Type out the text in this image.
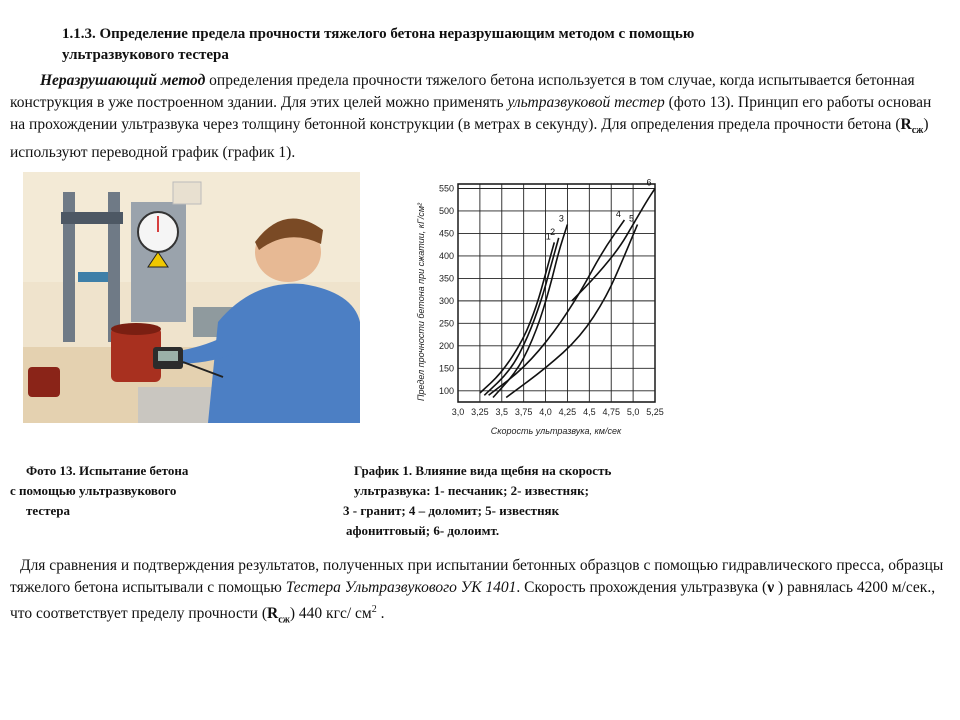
1.1.3. Определение предела прочности тяжелого бетона неразрушающим методом с помощью
ультразвукового тестера
Неразрушающий метод определения предела прочности тяжелого бетона используется в том случае, когда испытывается бетонная конструкция в уже построенном здании. Для этих целей можно применять ультразвуковой тестер (фото 13). Принцип его работы основан на прохождении ультразвука через толщину бетонной конструкции (в метрах в секунду). Для определения предела прочности бетона $(R_{сж})$ используют переводной график (график 1).
3,0 3,25 3,5 3,75 4,0 4,25 4,5 4,75 5,0 5,25
100
150
200
250
300
350
400
450
500
550
1 2
3	4 5
6
Предел прочности бетона при сжатии, кГ/см²
Скорость ультразвука, км/сек
Фото 13. Испытание бетона
с помощью ультразвукового
тестера
График 1. Влияние вида щебня на скорость
ультразвука: 1- песчаник; 2- известняк;
3 - гранит; 4 – доломит; 5- известняк
афонитговый; 6- долоимт.
Для сравнения и подтверждения результатов, полученных при испытании бетонных образцов с помощью гидравлического пресса, образцы тяжелого бетона испытывали с помощью Тестера Ультразвукового УК 1401. Скорость прохождения ультразвука (ν ) равнялась 4200 м/сек., что соответствует пределу прочности $(R_{сж})$ 440 кгс/ $см^2$ .
